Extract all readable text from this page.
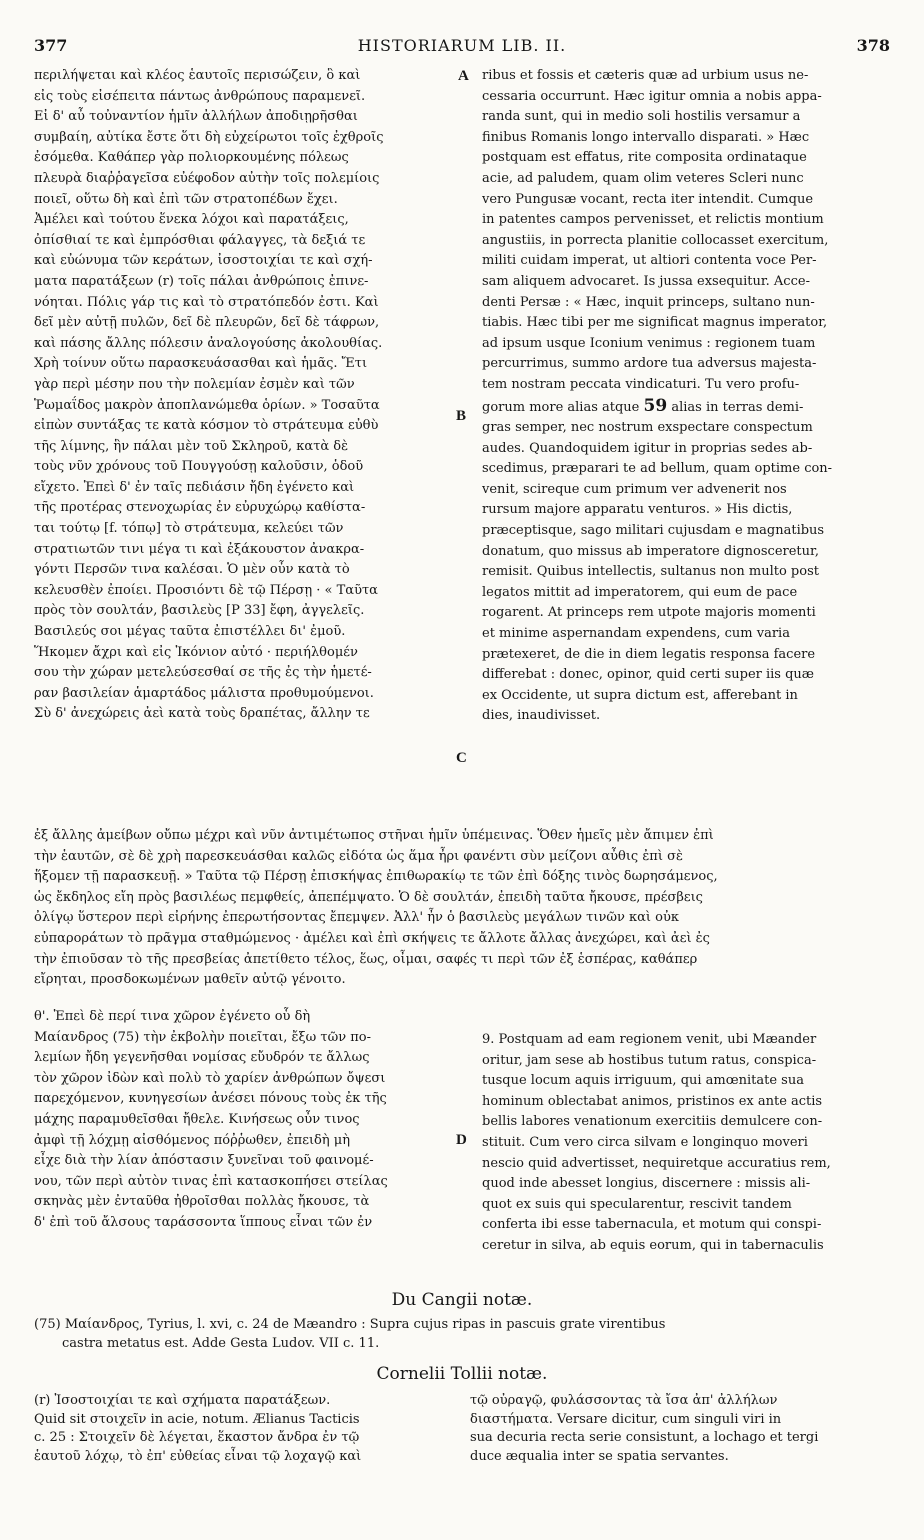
377	HISTORIARUM LIB. II.	378
περιλήψεται καὶ κλέος ἑαυτοῖς περισώζειν, ὃ καὶ
εἰς τοὺς εἰσέπειτα πάντως ἀνθρώπους παραμενεῖ.
Εἰ δ' αὖ τοὐναντίον ἡμῖν ἀλλήλων ἀποδιῃρῆσθαι
συμβαίη, αὐτίκα ἔστε ὅτι δὴ εὐχείρωτοι τοῖς ἐχθροῖς
ἐσόμεθα. Καθάπερ γὰρ πολιορκουμένης πόλεως
πλευρὰ διαῤῥαγεῖσα εὐέφοδον αὐτὴν τοῖς πολεμίοις
ποιεῖ, οὕτω δὴ καὶ ἐπὶ τῶν στρατοπέδων ἔχει.
Ἀμέλει καὶ τούτου ἕνεκα λόχοι καὶ παρατάξεις,
ὀπίσθιαί τε καὶ ἐμπρόσθιαι φάλαγγες, τὰ δεξιά τε
καὶ εὐώνυμα τῶν κεράτων, ἰσοστοιχίαι τε καὶ σχή-
ματα παρατάξεων (r) τοῖς πάλαι ἀνθρώποις ἐπινε-
νόηται. Πόλις γάρ τις καὶ τὸ στρατόπεδόν ἐστι. Καὶ
δεῖ μὲν αὐτῇ πυλῶν, δεῖ δὲ πλευρῶν, δεῖ δὲ τάφρων,
καὶ πάσης ἄλλης πόλεσιν ἀναλογούσης ἀκολουθίας.
Χρὴ τοίνυν οὕτω παρασκευάσασθαι καὶ ἡμᾶς. Ἔτι
γὰρ περὶ μέσην που τὴν πολεμίαν ἐσμὲν καὶ τῶν
Ῥωμαΐδος μακρὸν ἀποπλανώμεθα ὁρίων. » Τοσαῦτα
εἰπὼν συντάξας τε κατὰ κόσμον τὸ στράτευμα εὐθὺ
τῆς λίμνης, ἣν πάλαι μὲν τοῦ Σκληροῦ, κατὰ δὲ
τοὺς νῦν χρόνους τοῦ Πουγγούσῃ καλοῦσιν, ὁδοῦ
εἴχετο. Ἐπεὶ δ' ἐν ταῖς πεδιάσιν ἤδη ἐγένετο καὶ
τῆς προτέρας στενοχωρίας ἐν εὐρυχώρῳ καθίστα-
ται τούτῳ [f. τόπῳ] τὸ στράτευμα, κελεύει τῶν
στρατιωτῶν τινι μέγα τι καὶ ἐξάκουστον ἀνακρα-
γόντι Περσῶν τινα καλέσαι. Ὁ μὲν οὖν κατὰ τὸ
κελευσθὲν ἐποίει. Προσιόντι δὲ τῷ Πέρσῃ · « Ταῦτα
πρὸς τὸν σουλτάν, βασιλεὺς [P 33] ἔφη, ἀγγελεῖς.
Βασιλεύς σοι μέγας ταῦτα ἐπιστέλλει δι' ἐμοῦ.
Ἥκομεν ἄχρι καὶ εἰς Ἰκόνιον αὐτό · περιήλθομέν
σου τὴν χώραν μετελεύσεσθαί σε τῆς ἐς τὴν ἡμετέ-
ραν βασιλείαν ἁμαρτάδος μάλιστα προθυμούμενοι.
Σὺ δ' ἀνεχώρεις ἀεὶ κατὰ τοὺς δραπέτας, ἄλλην τε
ribus et fossis et cæteris quæ ad urbium usus ne-
cessaria occurrunt. Hæc igitur omnia a nobis appa-
randa sunt, qui in medio soli hostilis versamur a
finibus Romanis longo intervallo disparati. » Hæc
postquam est effatus, rite composita ordinataque
acie, ad paludem, quam olim veteres Scleri nunc
vero Pungusæ vocant, recta iter intendit. Cumque
in patentes campos pervenisset, et relictis montium
angustiis, in porrecta planitie collocasset exercitum,
militi cuidam imperat, ut altiori contenta voce Per-
sam aliquem advocaret. Is jussa exsequitur. Acce-
denti Persæ : « Hæc, inquit princeps, sultano nun-
tiabis. Hæc tibi per me significat magnus imperator,
ad ipsum usque Iconium venimus : regionem tuam
percurrimus, summo ardore tua adversus majesta-
tem nostram peccata vindicaturi. Tu vero profu-
gorum more alias atque 59 alias in terras demi-
gras semper, nec nostrum exspectare conspectum
audes. Quandoquidem igitur in proprias sedes ab-
scedimus, præparari te ad bellum, quam optime con-
venit, scireque cum primum ver advenerit nos
rursum majore apparatu venturos. » His dictis,
præceptisque, sago militari cujusdam e magnatibus
donatum, quo missus ab imperatore dignosceretur,
remisit. Quibus intellectis, sultanus non multo post
legatos mittit ad imperatorem, qui eum de pace
rogarent. At princeps rem utpote majoris momenti
et minime aspernandam expendens, cum varia
prætexeret, de die in diem legatis responsa facere
differebat : donec, opinor, quid certi super iis quæ
ex Occidente, ut supra dictum est, afferebant in
dies, inaudivisset.
A
B
C
D
ἐξ ἄλλης ἀμείβων οὔπω μέχρι καὶ νῦν ἀντιμέτωπος στῆναι ἡμῖν ὑπέμεινας. Ὅθεν ἡμεῖς μὲν ἄπιμεν ἐπὶ
τὴν ἑαυτῶν, σὲ δὲ χρὴ παρεσκευάσθαι καλῶς εἰδότα ὡς ἅμα ἦρι φανέντι σὺν μείζονι αὖθις ἐπὶ σὲ
ἥξομεν τῇ παρασκευῇ. » Ταῦτα τῷ Πέρσῃ ἐπισκήψας ἐπιθωρακίῳ τε τῶν ἐπὶ δόξης τινὸς δωρησάμενος,
ὡς ἔκδηλος εἴη πρὸς βασιλέως πεμφθείς, ἀπεπέμψατο. Ὁ δὲ σουλτάν, ἐπειδὴ ταῦτα ἤκουσε, πρέσβεις
ὀλίγῳ ὕστερον περὶ εἰρήνης ἐπερωτήσοντας ἔπεμψεν. Ἀλλ' ἦν ὁ βασιλεὺς μεγάλων τινῶν καὶ οὐκ
εὐπαροράτων τὸ πρᾶγμα σταθμώμενος · ἀμέλει καὶ ἐπὶ σκήψεις τε ἄλλοτε ἄλλας ἀνεχώρει, καὶ ἀεὶ ἐς
τὴν ἐπιοῦσαν τὸ τῆς πρεσβείας ἀπετίθετο τέλος, ἕως, οἶμαι, σαφές τι περὶ τῶν ἐξ ἑσπέρας, καθάπερ
εἴρηται, προσδοκωμένων μαθεῖν αὐτῷ γένοιτο.
θ'. Ἐπεὶ δὲ περί τινα χῶρον ἐγένετο οὗ δὴ
Μαίανδρος (75) τὴν ἐκβολὴν ποιεῖται, ἔξω τῶν πο-
λεμίων ἤδη γεγενῆσθαι νομίσας εὔυδρόν τε ἄλλως
τὸν χῶρον ἰδὼν καὶ πολὺ τὸ χαρίεν ἀνθρώπων ὄψεσι
παρεχόμενον, κυνηγεσίων ἀνέσει πόνους τοὺς ἐκ τῆς
μάχης παραμυθεῖσθαι ἤθελε. Κινήσεως οὖν τινος
ἀμφὶ τῇ λόχμῃ αἰσθόμενος πόῤῥωθεν, ἐπειδὴ μὴ
εἶχε διὰ τὴν λίαν ἀπόστασιν ξυνεῖναι τοῦ φαινομέ-
νου, τῶν περὶ αὐτὸν τινας ἐπὶ κατασκοπήσει στείλας
σκηνὰς μὲν ἐνταῦθα ἠθροῖσθαι πολλὰς ἤκουσε, τὰ
δ' ἐπὶ τοῦ ἄλσους ταράσσοντα ἵππους εἶναι τῶν ἐν
9. Postquam ad eam regionem venit, ubi Mæander
oritur, jam sese ab hostibus tutum ratus, conspica-
tusque locum aquis irriguum, qui amœnitate sua
hominum oblectabat animos, pristinos ex ante actis
bellis labores venationum exercitiis demulcere con-
stituit. Cum vero circa silvam e longinquo moveri
nescio quid advertisset, nequiretque accuratius rem,
quod inde abesset longius, discernere : missis ali-
quot ex suis qui specularentur, rescivit tandem
conferta ibi esse tabernacula, et motum qui conspi-
ceretur in silva, ab equis eorum, qui in tabernaculis
Du Cangii notæ.
(75) Μαίανδρος, Tyrius, l. xvi, c. 24 de Mæandro : Supra cujus ripas in pascuis grate virentibus
castra metatus est. Adde Gesta Ludov. VII c. 11.
Cornelii Tollii notæ.
(r) Ἰσοστοιχίαι τε καὶ σχήματα παρατάξεων.
Quid sit στοιχεῖν in acie, notum. Ælianus Tacticis
c. 25 : Στοιχεῖν δὲ λέγεται, ἕκαστον ἄνδρα ἐν τῷ
ἑαυτοῦ λόχῳ, τὸ ἐπ' εὐθείας εἶναι τῷ λοχαγῷ καὶ
τῷ οὐραγῷ, φυλάσσοντας τὰ ἴσα ἀπ' ἀλλήλων
διαστήματα. Versare dicitur, cum singuli viri in
sua decuria recta serie consistunt, a lochago et tergi
duce æqualia inter se spatia servantes.
